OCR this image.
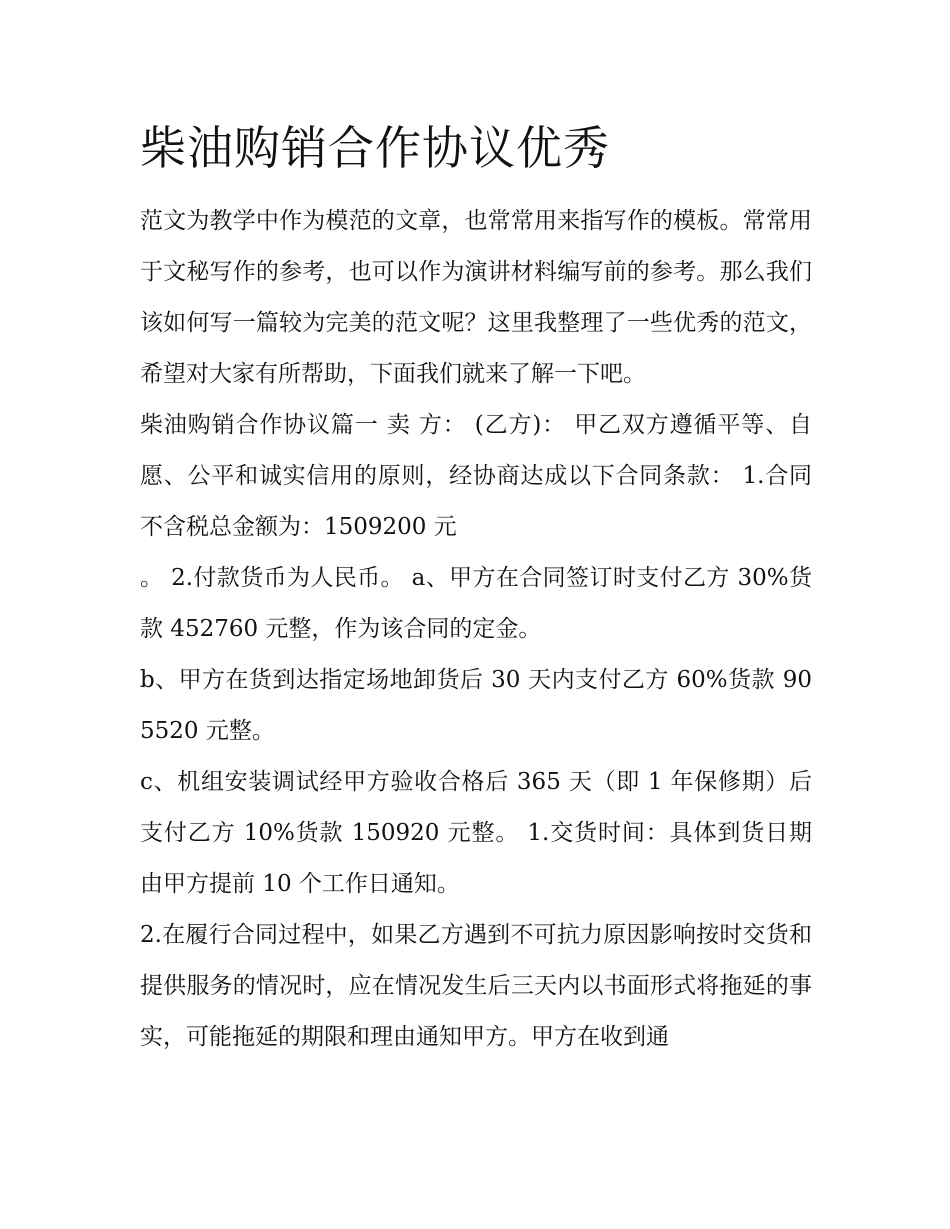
柴油购销合作协议优秀

范文为教学中作为模范的文章，也常常用来指写作的模板。常常用于文秘写作的参考，也可以作为演讲材料编写前的参考。那么我们该如何写一篇较为完美的范文呢？这里我整理了一些优秀的范文，希望对大家有所帮助，下面我们就来了解一下吧。

柴油购销合作协议篇一 卖 方： (乙方)： 甲乙双方遵循平等、自愿、公平和诚实信用的原则，经协商达成以下合同条款： 1.合同不含税总金额为：1509200 元

。 2.付款货币为人民币。 a、甲方在合同签订时支付乙方 30%货款 452760 元整，作为该合同的定金。

b、甲方在货到达指定场地卸货后 30 天内支付乙方 60%货款 905520 元整。

c、机组安装调试经甲方验收合格后 365 天（即 1 年保修期）后支付乙方 10%货款 150920 元整。 1.交货时间：具体到货日期由甲方提前 10 个工作日通知。

2.在履行合同过程中，如果乙方遇到不可抗力原因影响按时交货和提供服务的情况时，应在情况发生后三天内以书面形式将拖延的事实，可能拖延的期限和理由通知甲方。甲方在收到通
